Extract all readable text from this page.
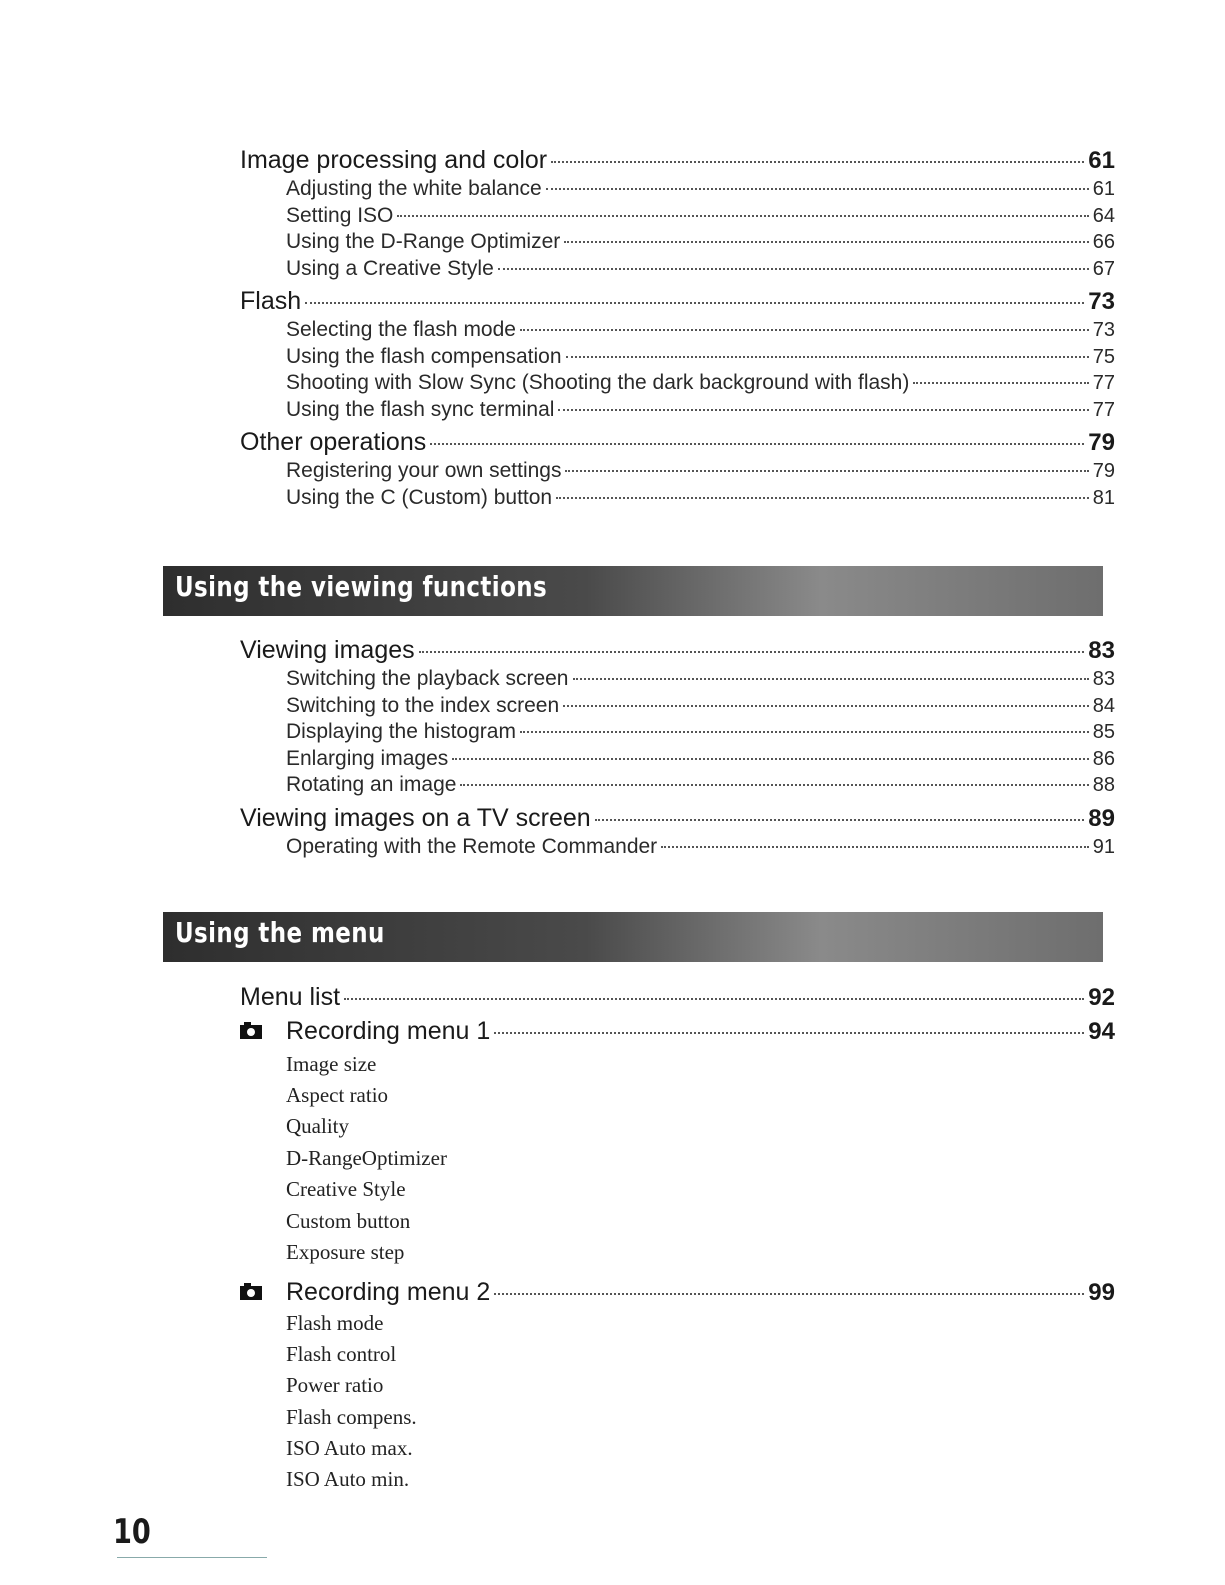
Image processing and color	61
Adjusting the white balance	61
Setting ISO	64
Using the D-Range Optimizer	66
Using a Creative Style	67
Flash	73
Selecting the flash mode	73
Using the flash compensation	75
Shooting with Slow Sync (Shooting the dark background with flash)	77
Using the flash sync terminal	77
Other operations	79
Registering your own settings	79
Using the C (Custom) button	81
Using the viewing functions
Viewing images	83
Switching the playback screen	83
Switching to the index screen	84
Displaying the histogram	85
Enlarging images	86
Rotating an image	88
Viewing images on a TV screen	89
Operating with the Remote Commander	91
Using the menu
Menu list	92
Recording menu 1	94
Image size
Aspect ratio
Quality
D-RangeOptimizer
Creative Style
Custom button
Exposure step
Recording menu 2	99
Flash mode
Flash control
Power ratio
Flash compens.
ISO Auto max.
ISO Auto min.
10
